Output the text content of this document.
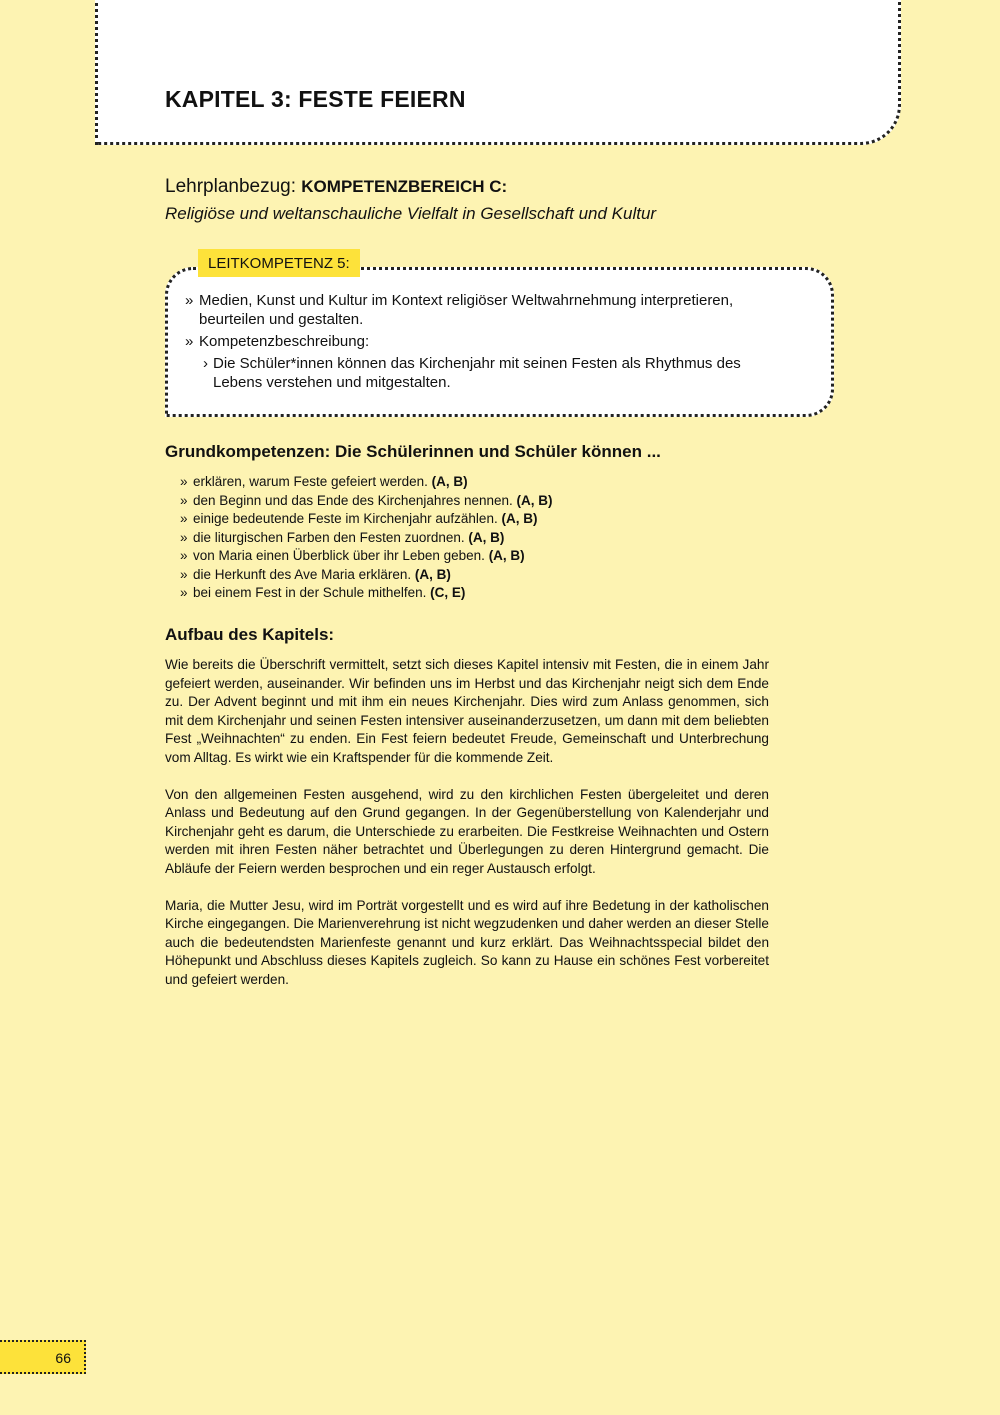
KAPITEL 3: FESTE FEIERN
Lehrplanbezug: KOMPETENZBEREICH C:
Religiöse und weltanschauliche Vielfalt in Gesellschaft und Kultur
LEITKOMPETENZ 5:
» Medien, Kunst und Kultur im Kontext religiöser Weltwahrnehmung interpretieren, beurteilen und gestalten.
» Kompetenzbeschreibung:
› Die Schüler*innen können das Kirchenjahr mit seinen Festen als Rhythmus des Lebens verstehen und mitgestalten.
Grundkompetenzen: Die Schülerinnen und Schüler können ...
» erklären, warum Feste gefeiert werden. (A, B)
» den Beginn und das Ende des Kirchenjahres nennen. (A, B)
» einige bedeutende Feste im Kirchenjahr aufzählen. (A, B)
» die liturgischen Farben den Festen zuordnen. (A, B)
» von Maria einen Überblick über ihr Leben geben. (A, B)
» die Herkunft des Ave Maria erklären. (A, B)
» bei einem Fest in der Schule mithelfen. (C, E)
Aufbau des Kapitels:

Wie bereits die Überschrift vermittelt, setzt sich dieses Kapitel intensiv mit Festen, die in einem Jahr gefeiert werden, auseinander. Wir befinden uns im Herbst und das Kirchenjahr neigt sich dem Ende zu. Der Advent beginnt und mit ihm ein neues Kirchenjahr. Dies wird zum Anlass genommen, sich mit dem Kirchenjahr und seinen Festen intensiver auseinanderzusetzen, um dann mit dem beliebten Fest „Weihnachten“ zu enden. Ein Fest feiern bedeutet Freude, Gemeinschaft und Unterbrechung vom Alltag. Es wirkt wie ein Kraftspender für die kommende Zeit.

Von den allgemeinen Festen ausgehend, wird zu den kirchlichen Festen übergeleitet und deren Anlass und Bedeutung auf den Grund gegangen. In der Gegenüberstellung von Kalenderjahr und Kirchenjahr geht es darum, die Unterschiede zu erarbeiten. Die Festkreise Weihnachten und Ostern werden mit ihren Festen näher betrachtet und Überlegungen zu deren Hintergrund gemacht. Die Abläufe der Feiern werden besprochen und ein reger Austausch erfolgt.

Maria, die Mutter Jesu, wird im Porträt vorgestellt und es wird auf ihre Bedetung in der katholischen Kirche eingegangen. Die Marienverehrung ist nicht wegzudenken und daher werden an dieser Stelle auch die bedeutendsten Marienfeste genannt und kurz erklärt. Das Weihnachtsspecial bildet den Höhepunkt und Abschluss dieses Kapitels zugleich. So kann zu Hause ein schönes Fest vorbereitet und gefeiert werden.

66
